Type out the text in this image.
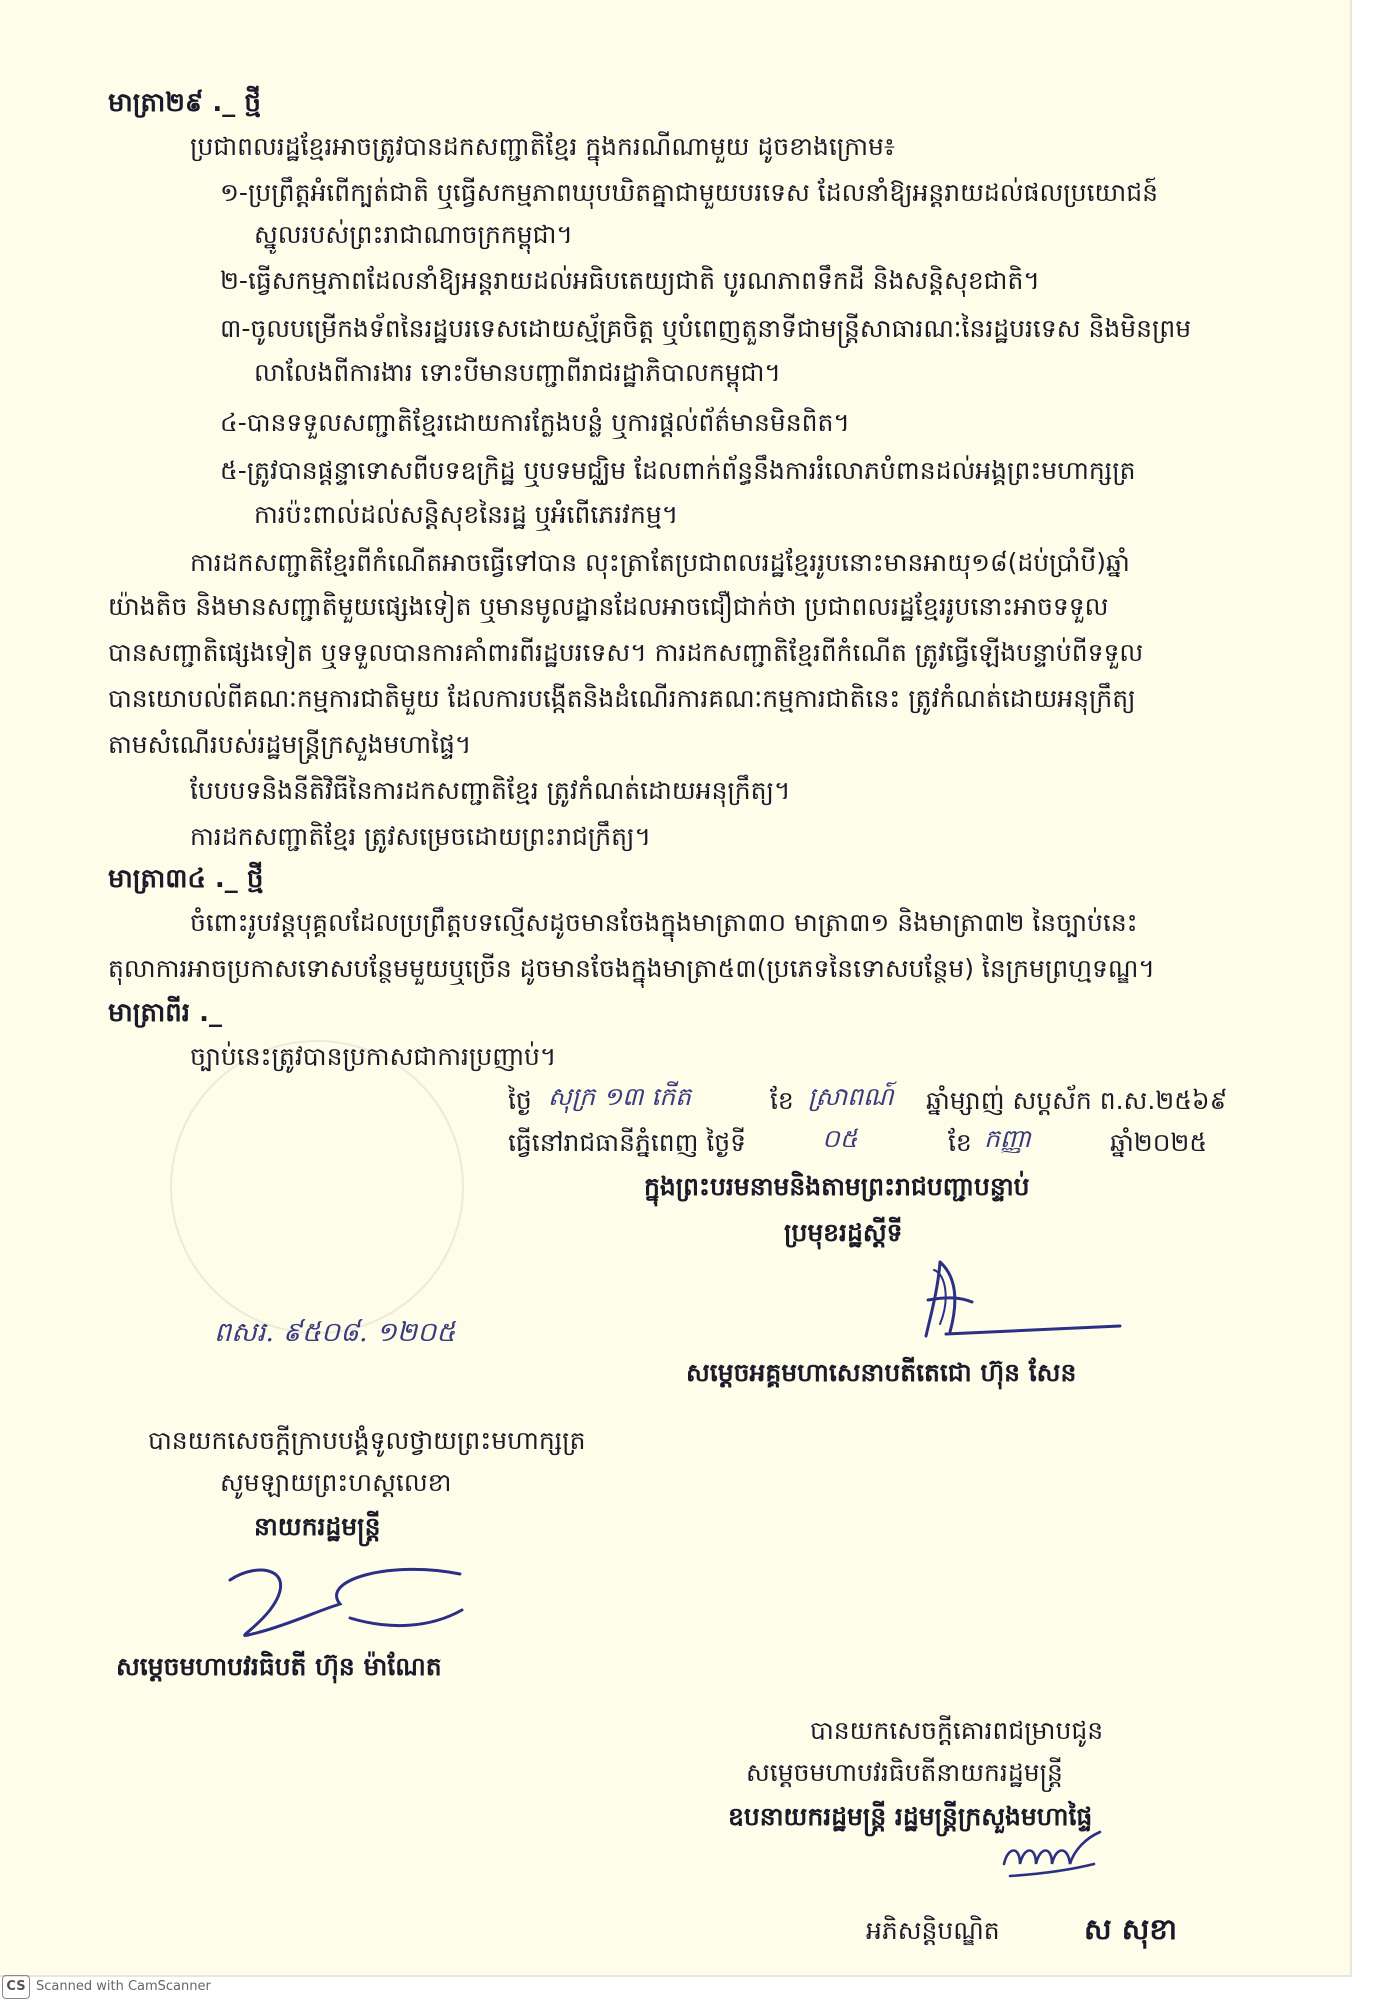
មាត្រា២៩ ._ ថ្មី
ប្រជាពលរដ្ឋខ្មែរអាចត្រូវបានដកសញ្ជាតិខ្មែរ ក្នុងករណីណាមួយ ដូចខាងក្រោម៖
១-ប្រព្រឹត្តអំពើក្បត់ជាតិ ឬធ្វើសកម្មភាពឃុបឃិតគ្នាជាមួយបរទេស ដែលនាំឱ្យអន្តរាយដល់ផលប្រយោជន៍
ស្នូលរបស់ព្រះរាជាណាចក្រកម្ពុជា។
២-ធ្វើសកម្មភាពដែលនាំឱ្យអន្តរាយដល់អធិបតេយ្យជាតិ បូរណភាពទឹកដី និងសន្តិសុខជាតិ។
៣-ចូលបម្រើកងទ័ពនៃរដ្ឋបរទេសដោយស្ម័គ្រចិត្ត ឬបំពេញតួនាទីជាមន្ត្រីសាធារណៈនៃរដ្ឋបរទេស និងមិនព្រម
លាលែងពីការងារ ទោះបីមានបញ្ជាពីរាជរដ្ឋាភិបាលកម្ពុជា។
៤-បានទទួលសញ្ជាតិខ្មែរដោយការក្លែងបន្លំ ឬការផ្តល់ព័ត៌មានមិនពិត។
៥-ត្រូវបានផ្តន្ទាទោសពីបទឧក្រិដ្ឋ ឬបទមជ្ឈិម ដែលពាក់ព័ន្ធនឹងការរំលោភបំពានដល់អង្គព្រះមហាក្សត្រ
ការប៉ះពាល់ដល់សន្តិសុខនៃរដ្ឋ ឬអំពើភេរវកម្ម។
ការដកសញ្ជាតិខ្មែរពីកំណើតអាចធ្វើទៅបាន លុះត្រាតែប្រជាពលរដ្ឋខ្មែររូបនោះមានអាយុ១៨(ដប់ប្រាំបី)ឆ្នាំ
យ៉ាងតិច និងមានសញ្ជាតិមួយផ្សេងទៀត ឬមានមូលដ្ឋានដែលអាចជឿជាក់ថា ប្រជាពលរដ្ឋខ្មែររូបនោះអាចទទួល
បានសញ្ជាតិផ្សេងទៀត ឬទទួលបានការគាំពារពីរដ្ឋបរទេស។ ការដកសញ្ជាតិខ្មែរពីកំណើត ត្រូវធ្វើឡើងបន្ទាប់ពីទទួល
បានយោបល់ពីគណៈកម្មការជាតិមួយ ដែលការបង្កើតនិងដំណើរការគណៈកម្មការជាតិនេះ ត្រូវកំណត់ដោយអនុក្រឹត្យ
តាមសំណើរបស់រដ្ឋមន្ត្រីក្រសួងមហាផ្ទៃ។
បែបបទនិងនីតិវិធីនៃការដកសញ្ជាតិខ្មែរ ត្រូវកំណត់ដោយអនុក្រឹត្យ។
ការដកសញ្ជាតិខ្មែរ ត្រូវសម្រេចដោយព្រះរាជក្រឹត្យ។
មាត្រា៣៤ ._ ថ្មី
ចំពោះរូបវន្តបុគ្គលដែលប្រព្រឹត្តបទល្មើសដូចមានចែងក្នុងមាត្រា៣០ មាត្រា៣១ និងមាត្រា៣២ នៃច្បាប់នេះ
តុលាការអាចប្រកាសទោសបន្ថែមមួយឬច្រើន ដូចមានចែងក្នុងមាត្រា៥៣(ប្រភេទនៃទោសបន្ថែម) នៃក្រមព្រហ្មទណ្ឌ។
មាត្រាពីរ ._
ច្បាប់នេះត្រូវបានប្រកាសជាការប្រញាប់។
ថ្ងៃ សុក្រ ១៣ កើត	ខែ ស្រាពណ៍ ឆ្នាំម្សាញ់ សប្តស័ក ព.ស.២៥៦៩
ធ្វើនៅរាជធានីភ្នំពេញ ថ្ងៃទី	០៥	ខែ កញ្ញា	ឆ្នាំ២០២៥
ក្នុងព្រះបរមនាមនិងតាមព្រះរាជបញ្ជាបន្ទាប់
ប្រមុខរដ្ឋស្តីទី
ពសរ. ៩៥០៨. ១២០៥
សម្តេចអគ្គមហាសេនាបតីតេជោ ហ៊ុន សែន
បានយកសេចក្តីក្រាបបង្គំទូលថ្វាយព្រះមហាក្សត្រ
សូមឡាយព្រះហស្តលេខា
នាយករដ្ឋមន្ត្រី
សម្តេចមហាបវរធិបតី ហ៊ុន ម៉ាណែត
បានយកសេចក្តីគោរពជម្រាបជូន
សម្តេចមហាបវរធិបតីនាយករដ្ឋមន្ត្រី
ឧបនាយករដ្ឋមន្ត្រី រដ្ឋមន្ត្រីក្រសួងមហាផ្ទៃ
អភិសន្តិបណ្ឌិត	ស សុខា
CS Scanned with CamScanner
